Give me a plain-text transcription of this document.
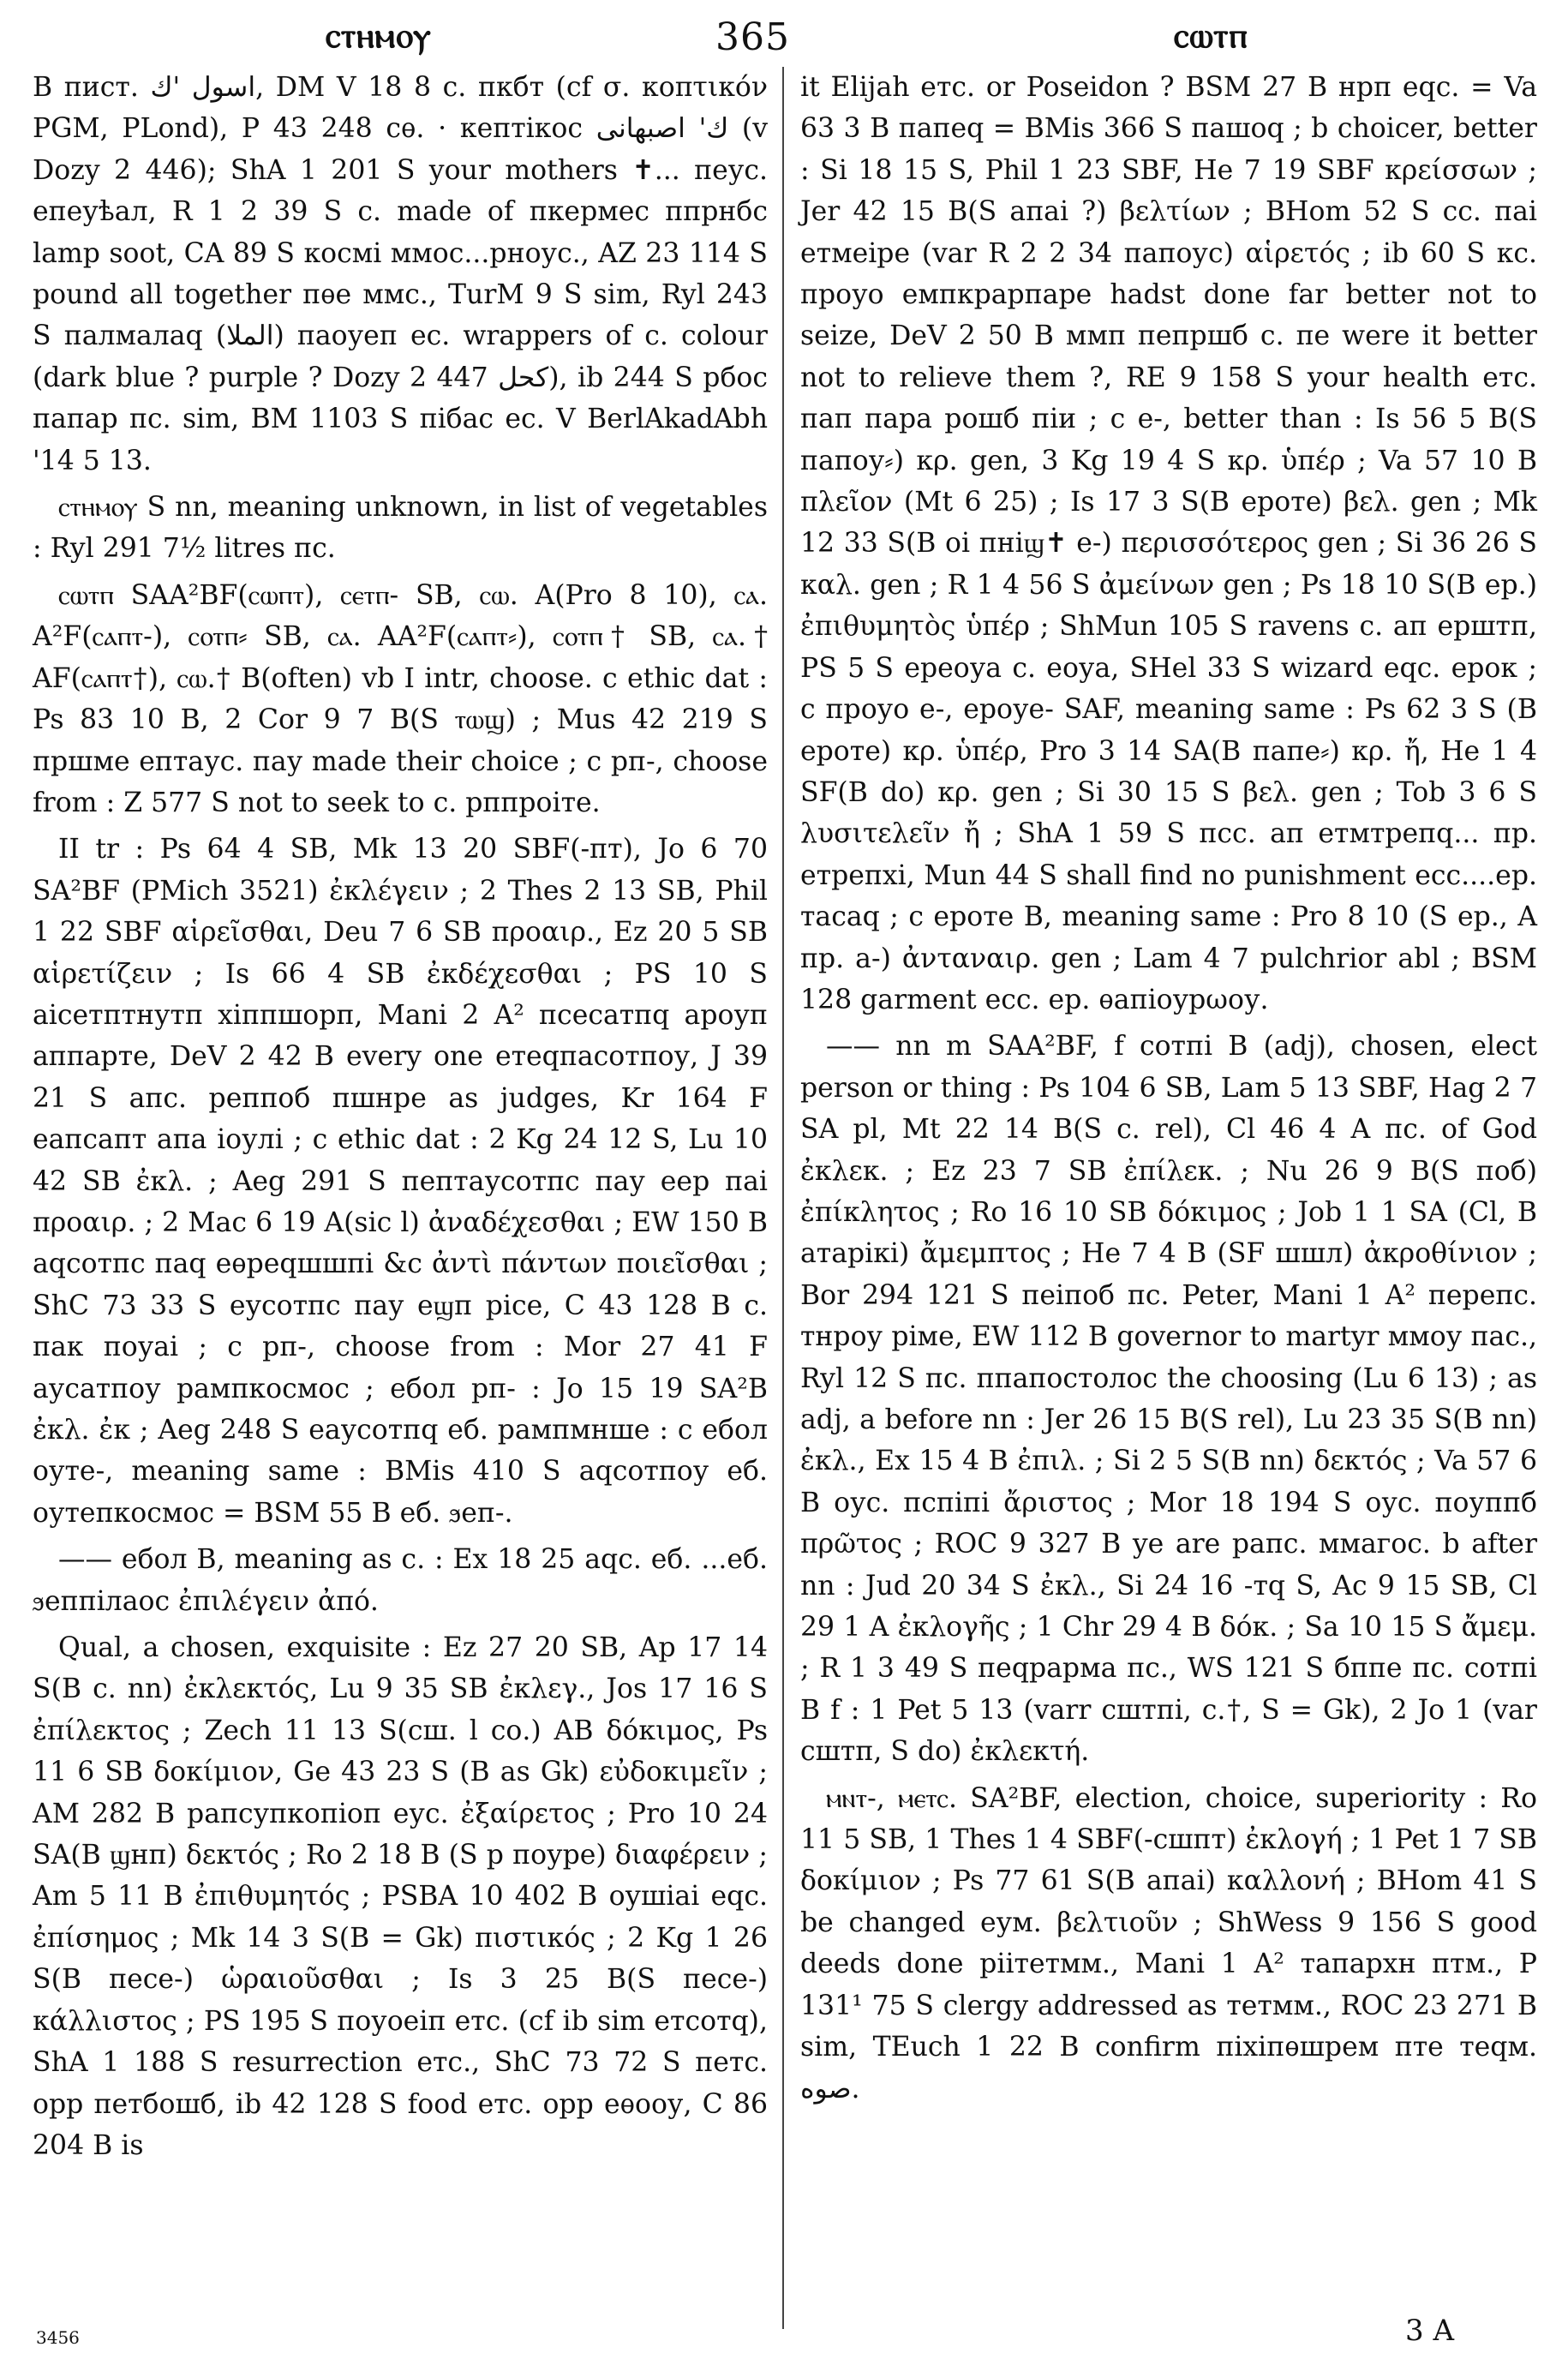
ⲥⲧⲏⲙⲟⲩ	365	ⲥⲱⲧⲡ

B пист. اسول 'ك, DM V 18 8 c. пкбт (cf σ. κοπτικόν PGM, PLond), P 43 248 сѳ. · кептікос ك' اصبهانى (v Dozy 2 446); ShA 1 201 S your mothers ✝... пеус. епеуѣал, R 1 2 39 S c. made of пкермес ппрнбс lamp soot, CA 89 S космі ммос...рноус., AZ 23 114 S pound all together пѳе ммс., TurM 9 S sim, Ryl 243 S палмалаq (الملا) паоуеп ес. wrappers of c. colour (dark blue ? purple ? Dozy 2 447 كحل), ib 244 S рбос папар пс. sim, BM 1103 S пібас ес. V BerlAkadAbh '14 5 13.

ⲥⲧⲏⲙⲟⲩ S nn, meaning unknown, in list of vegetables : Ryl 291 7½ litres пс.

ⲥⲱⲧⲡ SAA²BF(ⲥⲱⲡⲧ), ⲥⲉⲧⲡ- SB, ⲥⲱ. A(Pro 8 10), ⲥⲁ. A²F(ⲥⲁⲡⲧ-), ⲥⲟⲧⲡ⸗ SB, ⲥⲁ. AA²F(ⲥⲁⲡⲧ⸗), ⲥⲟⲧⲡ† SB, ⲥⲁ.† AF(ⲥⲁⲡⲧ†), ⲥⲱ.† B(often) vb I intr, choose. c ethic dat : Ps 83 10 B, 2 Cor 9 7 B(S ⲧⲱϣ) ; Mus 42 219 S пршме ептаус. пау made their choice ; c рп-, choose from : Z 577 S not to seek to c. рппроіте.

II tr : Ps 64 4 SB, Mk 13 20 SBF(-пт), Jo 6 70 SA²BF (PMich 3521) ἐκλέγειν ; 2 Thes 2 13 SB, Phil 1 22 SBF αἱρεῖσθαι, Deu 7 6 SB προαιρ., Ez 20 5 SB αἱρετίζειν ; Is 66 4 SB ἐκδέχεσθαι ; PS 10 S аісетптнутп хіппшорп, Mani 2 A² псесатпq ароуп аппарте, DeV 2 42 B every one етеqпасотпоу, J 39 21 S апс. реппоб пшнре as judges, Kr 164 F еапсапт апа іоулі ; c ethic dat : 2 Kg 24 12 S, Lu 10 42 SB ἐκλ. ; Aeg 291 S пептаусотпс пау еер паі προαιρ. ; 2 Mac 6 19 A(sic l) ἀναδέχεσθαι ; EW 150 B аqсотпс паq еѳреqшшпі &c ἀντὶ πάντων ποιεῖσθαι ; ShC 73 33 S еусотпс пау еϣп ріce, C 43 128 B c. пак поуаі ; c рп-, choose from : Mor 27 41 F аусатпоу рампкосмос ; ебол рп- : Jo 15 19 SA²B ἐκλ. ἐκ ; Aeg 248 S еаусотпq еб. рампмнше : c ебол оуте-, meaning same : BMis 410 S аqсотпоу еб. оутепкосмос = BSM 55 B еб. ϧеп-.

—— ебол B, meaning as c. : Ex 18 25 аqс. еб. ...еб. ϧеппілаос ἐπιλέγειν ἀπό.

Qual, a chosen, exquisite : Ez 27 20 SB, Ap 17 14 S(B c. nn) ἐκλεκτός, Lu 9 35 SB ἐκλεγ., Jos 17 16 S ἐπίλεκτος ; Zech 11 13 S(сш. l со.) AB δόκιμος, Ps 11 6 SB δοκίμιον, Ge 43 23 S (B as Gk) εὐδοκιμεῖν ; AM 282 B рапсупкопіоп еус. ἐξαίρετος ; Pro 10 24 SA(B ϣнп) δεκτός ; Ro 2 18 B (S р поуре) διαφέρειν ; Am 5 11 B ἐπιθυμητός ; PSBA 10 402 B оушіаі еqс. ἐπίσημος ; Mk 14 3 S(B = Gk) πιστικός ; 2 Kg 1 26 S(B песе-) ὡραιοῦσθαι ; Is 3 25 B(S песе-) κάλλιστος ; PS 195 S поуоеіп етс. (cf ib sim етсотq), ShA 1 188 S resurrection етс., ShC 73 72 S петс. opp петбошб, ib 42 128 S food етс. opp еѳооу, C 86 204 B is

it Elijah етс. or Poseidon ? BSM 27 B нрп еqс. = Va 63 3 B папеq = BMis 366 S пашоq ; b choicer, better : Si 18 15 S, Phil 1 23 SBF, He 7 19 SBF κρείσσων ; Jer 42 15 B(S апаі ?) βελτίων ; BHom 52 S сс. паі етмеіре (var R 2 2 34 папоус) αἱρετός ; ib 60 S кс. проуо емпкрарпаре hadst done far better not to seize, DeV 2 50 B ммп пепршб c. пе were it better not to relieve them ?, RE 9 158 S your health етс. пап пара рошб піи ; c е-, better than : Is 56 5 B(S папоу⸗) κρ. gen, 3 Kg 19 4 S κρ. ὑπέρ ; Va 57 10 B πλεῖον (Mt 6 25) ; Is 17 3 S(B ероте) βελ. gen ; Mk 12 33 S(B оі пнiϣ✝ е-) περισσότερος gen ; Si 36 26 S καλ. gen ; R 1 4 56 S ἀμείνων gen ; Ps 18 10 S(B ер.) ἐπιθυμητὸς ὑπέρ ; ShMun 105 S ravens c. ап ерштп, PS 5 S ереоуа c. еоуа, SHel 33 S wizard еqс. ерок ; c проуо е-, ероуе- SAF, meaning same : Ps 62 3 S (B ероте) κρ. ὑπέρ, Pro 3 14 SA(B папе⸗) κρ. ἤ, He 1 4 SF(B do) κρ. gen ; Si 30 15 S βελ. gen ; Tob 3 6 S λυσιτελεῖν ἤ ; ShA 1 59 S псс. ап етмтрепq... пр. етрепхі, Mun 44 S shall find no punishment есс....ер. тасаq ; c ероте B, meaning same : Pro 8 10 (S ер., A пр. а-) ἀνταναιρ. gen ; Lam 4 7 pulchrior abl ; BSM 128 garment есс. ер. ѳапіоурωоу.

—— nn m SAA²BF, f сотпі B (adj), chosen, elect person or thing : Ps 104 6 SB, Lam 5 13 SBF, Hag 2 7 SA pl, Mt 22 14 B(S c. rel), Cl 46 4 A пс. of God ἐκλεκ. ; Ez 23 7 SB ἐπίλεκ. ; Nu 26 9 B(S поб) ἐπίκλητος ; Ro 16 10 SB δόκιμος ; Job 1 1 SA (Cl, B атарікі) ἄμεμπτος ; He 7 4 B (SF шшл) ἀκροθίνιον ; Bor 294 121 S пеіпоб пс. Peter, Mani 1 A² перепс. тнроу рімe, EW 112 B governor to martyr ммоу пас., Ryl 12 S пс. ппапостолос the choosing (Lu 6 13) ; as adj, a before nn : Jer 26 15 B(S rel), Lu 23 35 S(B nn) ἐκλ., Ex 15 4 B ἐπιλ. ; Si 2 5 S(B nn) δεκτός ; Va 57 6 B оус. пспіпі ἄριστος ; Mor 18 194 S оус. поуппб πρῶτος ; ROC 9 327 B ye are рапс. ммагос. b after nn : Jud 20 34 S ἐκλ., Si 24 16 -тq S, Ac 9 15 SB, Cl 29 1 A ἐκλογῆς ; 1 Chr 29 4 B δόκ. ; Sa 10 15 S ἄμεμ. ; R 1 3 49 S пеqрарма пс., WS 121 S бппе пс. сотпі B f : 1 Pet 5 13 (varr сштпі, c.†, S = Gk), 2 Jo 1 (var сштп, S do) ἐκλεκτή.

ⲙⲛⲧ-, ⲙⲉⲧⲥ. SA²BF, election, choice, superiority : Ro 11 5 SB, 1 Thes 1 4 SBF(-сшпт) ἐκλογή ; 1 Pet 1 7 SB δοκίμιον ; Ps 77 61 S(B апаі) καλλονή ; BHom 41 S be changed еум. βελτιοῦν ; ShWess 9 156 S good deeds done ріітетмм., Mani 1 A² тапархн птм., P 131¹ 75 S clergy addressed as тетмм., ROC 23 271 B sim, TEuch 1 22 B confirm піхіпѳшрем пте теqм. صوه.

3456	3 A
